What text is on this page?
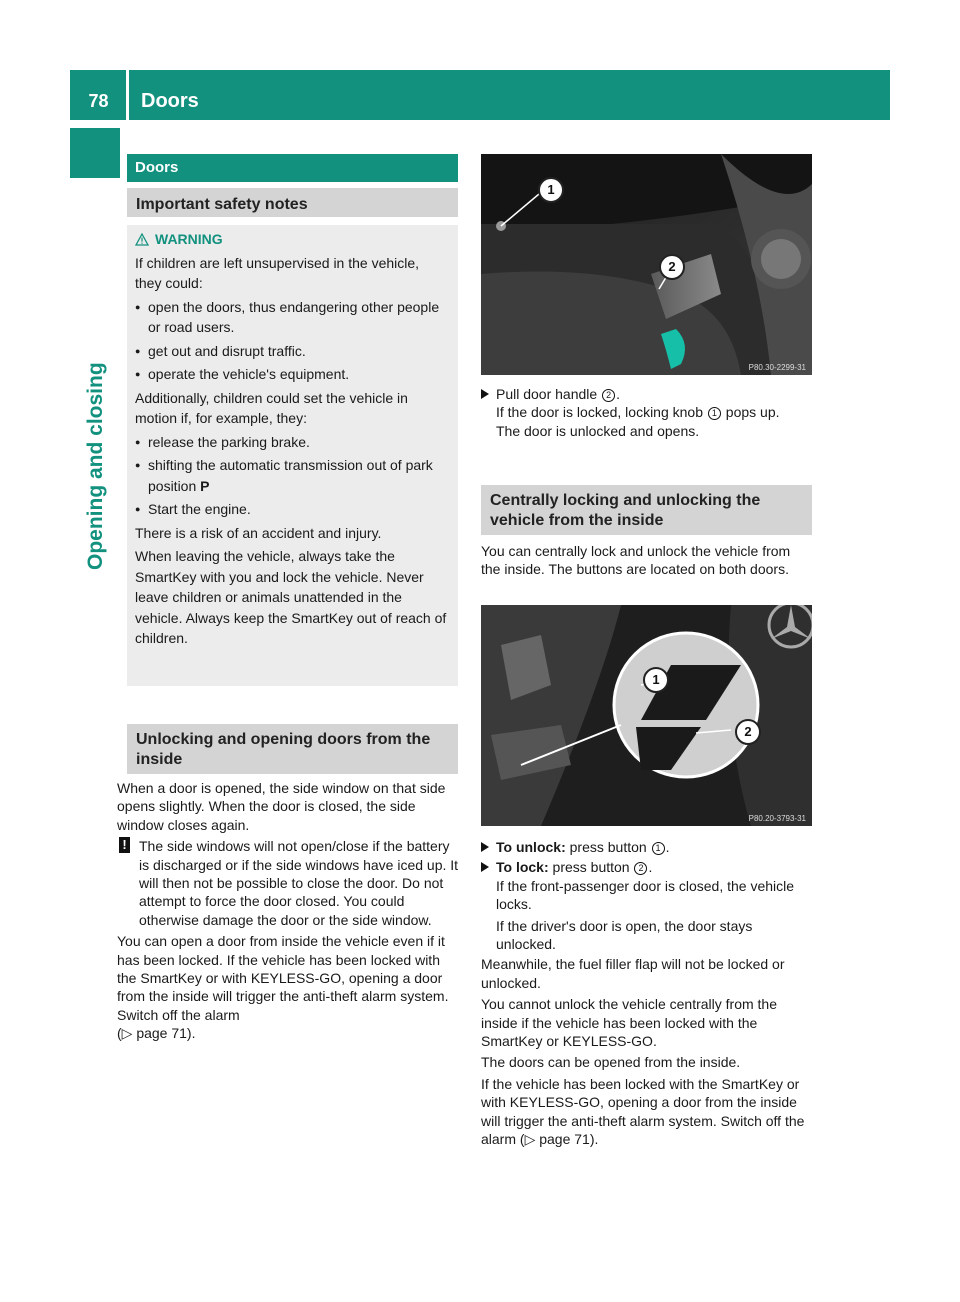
78	Doors
Opening and closing
Doors
Important safety notes
WARNING

If children are left unsupervised in the vehicle, they could:

● open the doors, thus endangering other people or road users.
● get out and disrupt traffic.
● operate the vehicle's equipment.

Additionally, children could set the vehicle in motion if, for example, they:

● release the parking brake.
● shifting the automatic transmission out of park position P
● Start the engine.

There is a risk of an accident and injury.

When leaving the vehicle, always take the SmartKey with you and lock the vehicle. Never leave children or animals unattended in the vehicle. Always keep the SmartKey out of reach of children.

Unlocking and opening doors from the inside

When a door is opened, the side window on that side opens slightly. When the door is closed, the side window closes again.

! The side windows will not open/close if the battery is discharged or if the side windows have iced up. It will then not be possible to close the door. Do not attempt to force the door closed. You could otherwise damage the door or the side window.

You can open a door from inside the vehicle even if it has been locked. If the vehicle has been locked with the SmartKey or with KEYLESS-GO, opening a door from the inside will trigger the anti-theft alarm system. Switch off the alarm
(▷ page 71).

1
2
P80.30-2299-31
Pull door handle 2 .
If the door is locked, locking knob 1 pops up.
The door is unlocked and opens.
Centrally locking and unlocking the vehicle from the inside
You can centrally lock and unlock the vehicle from the inside. The buttons are located on both doors.
1
2
P80.20-3793-31
To unlock: press button 1 .
To lock: press button 2 .
If the front-passenger door is closed, the vehicle locks.
If the driver's door is open, the door stays unlocked.

Meanwhile, the fuel filler flap will not be locked or unlocked.

You cannot unlock the vehicle centrally from the inside if the vehicle has been locked with the SmartKey or KEYLESS-GO.

The doors can be opened from the inside.

If the vehicle has been locked with the SmartKey or with KEYLESS-GO, opening a door from the inside will trigger the anti-theft alarm system. Switch off the alarm (▷ page 71).
